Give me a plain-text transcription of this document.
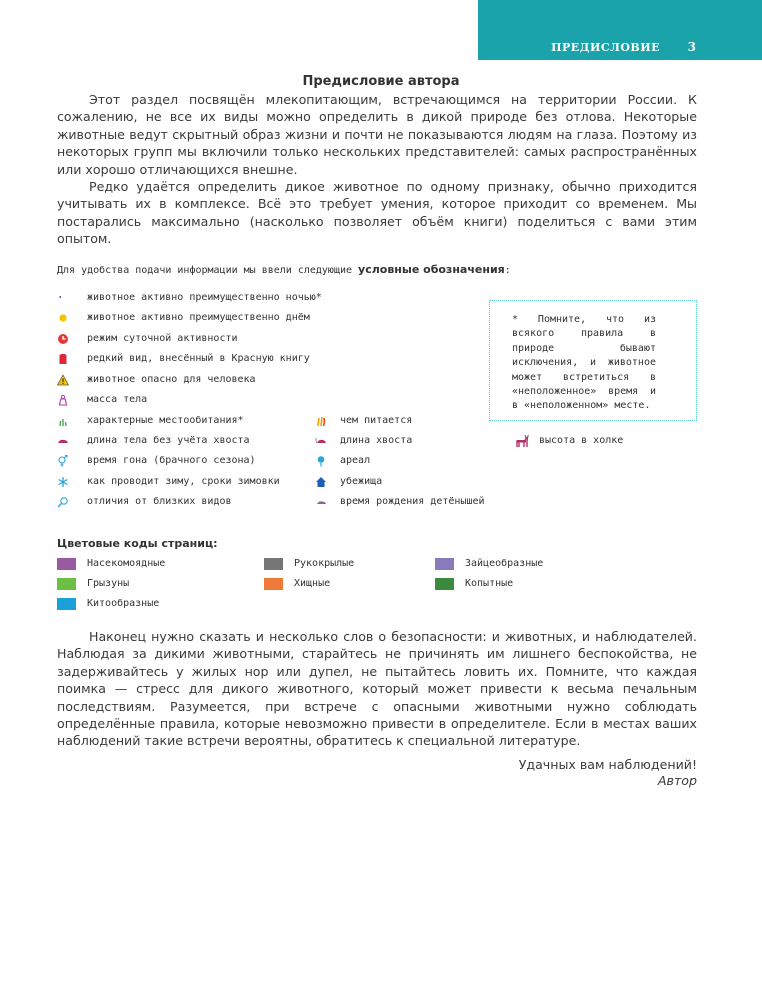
ПРЕДИСЛОВИЕ 3
Предисловие автора

Этот раздел посвящён млекопитающим, встречающимся на территории России. К сожалению, не все их виды можно определить в дикой природе без отлова. Некоторые животные ведут скрытный образ жизни и почти не показываются людям на глаза. Поэтому из некоторых групп мы включили только нескольких представителей: самых распространённых или хорошо отличающихся внешне.

Редко удаётся определить дикое животное по одному признаку, обычно приходится учитывать их в комплексе. Всё это требует умения, которое приходит со временем. Мы постарались максимально (насколько позволяет объём книги) поделиться с вами этим опытом.

Для удобства подачи информации мы ввели следующие условные обозначения:
животное активно преимущественно ночью*
животное активно преимущественно днём
режим суточной активности
редкий вид, внесённый в Красную книгу
животное опасно для человека
масса тела
характерные местообитания*
длина тела без учёта хвоста
время гона (брачного сезона)
как проводит зиму, сроки зимовки
отличия от близких видов
чем питается
длина хвоста
ареал
убежища
время рождения детёнышей
высота в холке
* Помните, что из всякого правила в природе бывают исключения, и животное может встретиться в «неположенное» время и в «неположенном» месте.
Цветовые коды страниц:
Насекомоядные	Рукокрылые	Зайцеобразные
Грызуны	Хищные	Копытные
Китообразные

Наконец нужно сказать и несколько слов о безопасности: и животных, и наблюдателей. Наблюдая за дикими животными, старайтесь не причинять им лишнего беспокойства, не задерживайтесь у жилых нор или дупел, не пытайтесь ловить их. Помните, что каждая поимка — стресс для дикого животного, который может привести к весьма печальным последствиям. Разумеется, при встрече с опасными животными нужно соблюдать определённые правила, которые невозможно привести в определителе. Если в местах ваших наблюдений такие встречи вероятны, обратитесь к специальной литературе.

Удачных вам наблюдений!
Автор
